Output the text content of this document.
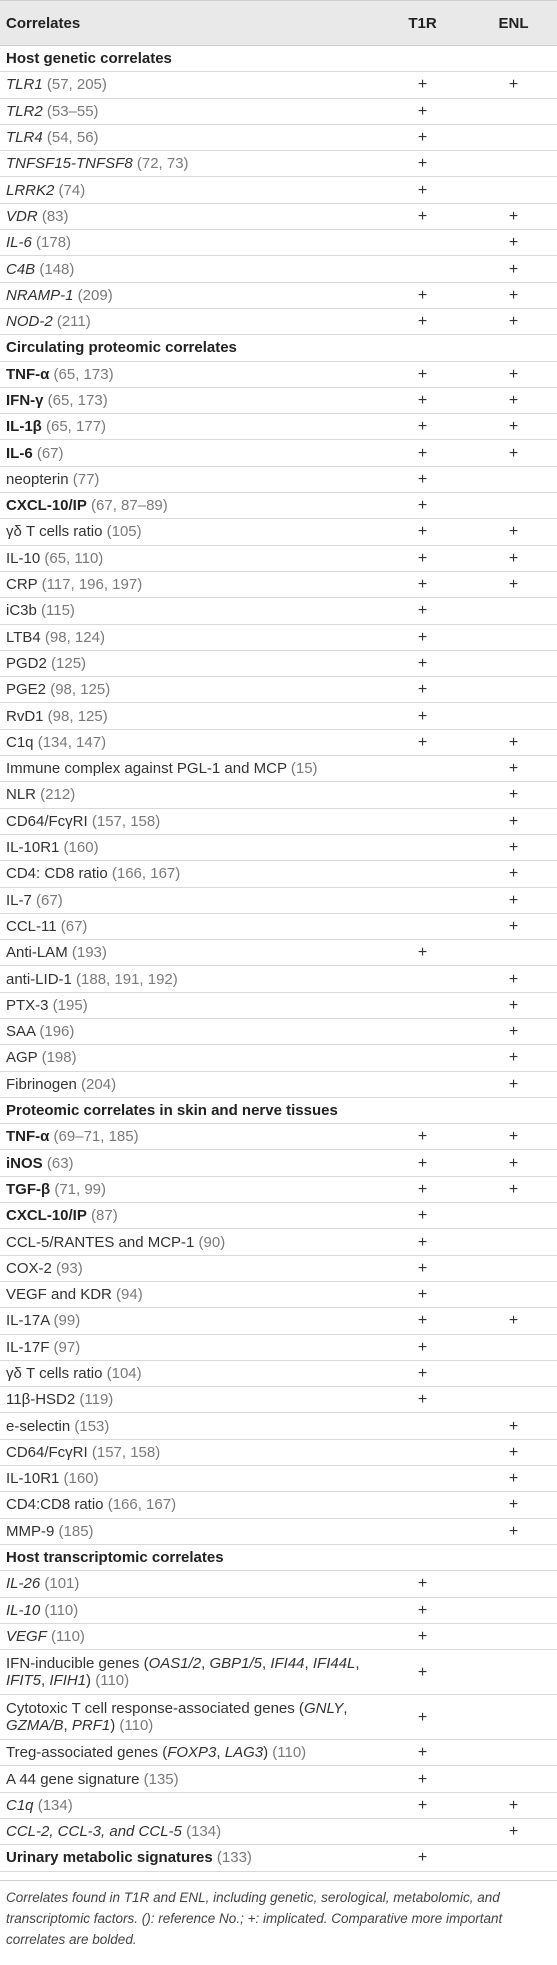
Correlates	T1R	ENL
Host genetic correlates		
TLR1 (57, 205)	+	+
TLR2 (53–55)	+	
TLR4 (54, 56)	+	
TNFSF15-TNFSF8 (72, 73)	+	
LRRK2 (74)	+	
VDR (83)	+	+
IL-6 (178)		+
C4B (148)		+
NRAMP-1 (209)	+	+
NOD-2 (211)	+	+
Circulating proteomic correlates		
TNF-α (65, 173)	+	+
IFN-γ (65, 173)	+	+
IL-1β (65, 177)	+	+
IL-6 (67)	+	+
neopterin (77)	+	
CXCL-10/IP (67, 87–89)	+	
γδ T cells ratio (105)	+	+
IL-10 (65, 110)	+	+
CRP (117, 196, 197)	+	+
iC3b (115)	+	
LTB4 (98, 124)	+	
PGD2 (125)	+	
PGE2 (98, 125)	+	
RvD1 (98, 125)	+	
C1q (134, 147)	+	+
Immune complex against PGL-1 and MCP (15)		+
NLR (212)		+
CD64/FcγRI (157, 158)		+
IL-10R1 (160)		+
CD4: CD8 ratio (166, 167)		+
IL-7 (67)		+
CCL-11 (67)		+
Anti-LAM (193)	+	
anti-LID-1 (188, 191, 192)		+
PTX-3 (195)		+
SAA (196)		+
AGP (198)		+
Fibrinogen (204)		+
Proteomic correlates in skin and nerve tissues		
TNF-α (69–71, 185)	+	+
iNOS (63)	+	+
TGF-β (71, 99)	+	+
CXCL-10/IP (87)	+	
CCL-5/RANTES and MCP-1 (90)	+	
COX-2 (93)	+	
VEGF and KDR (94)	+	
IL-17A (99)	+	+
IL-17F (97)	+	
γδ T cells ratio (104)	+	
11β-HSD2 (119)	+	
e-selectin (153)		+
CD64/FcγRI (157, 158)		+
IL-10R1 (160)		+
CD4:CD8 ratio (166, 167)		+
MMP-9 (185)		+
Host transcriptomic correlates		
IL-26 (101)	+	
IL-10 (110)	+	
VEGF (110)	+	
IFN-inducible genes (OAS1/2, GBP1/5, IFI44, IFI44L, IFIT5, IFIH1) (110)	+	
Cytotoxic T cell response-associated genes (GNLY, GZMA/B, PRF1) (110)	+	
Treg-associated genes (FOXP3, LAG3) (110)	+	
A 44 gene signature (135)	+	
C1q (134)	+	+
CCL-2, CCL-3, and CCL-5 (134)		+
Urinary metabolic signatures (133)	+	
Correlates found in T1R and ENL, including genetic, serological, metabolomic, and transcriptomic factors. (): reference No.; +: implicated. Comparative more important correlates are bolded.
